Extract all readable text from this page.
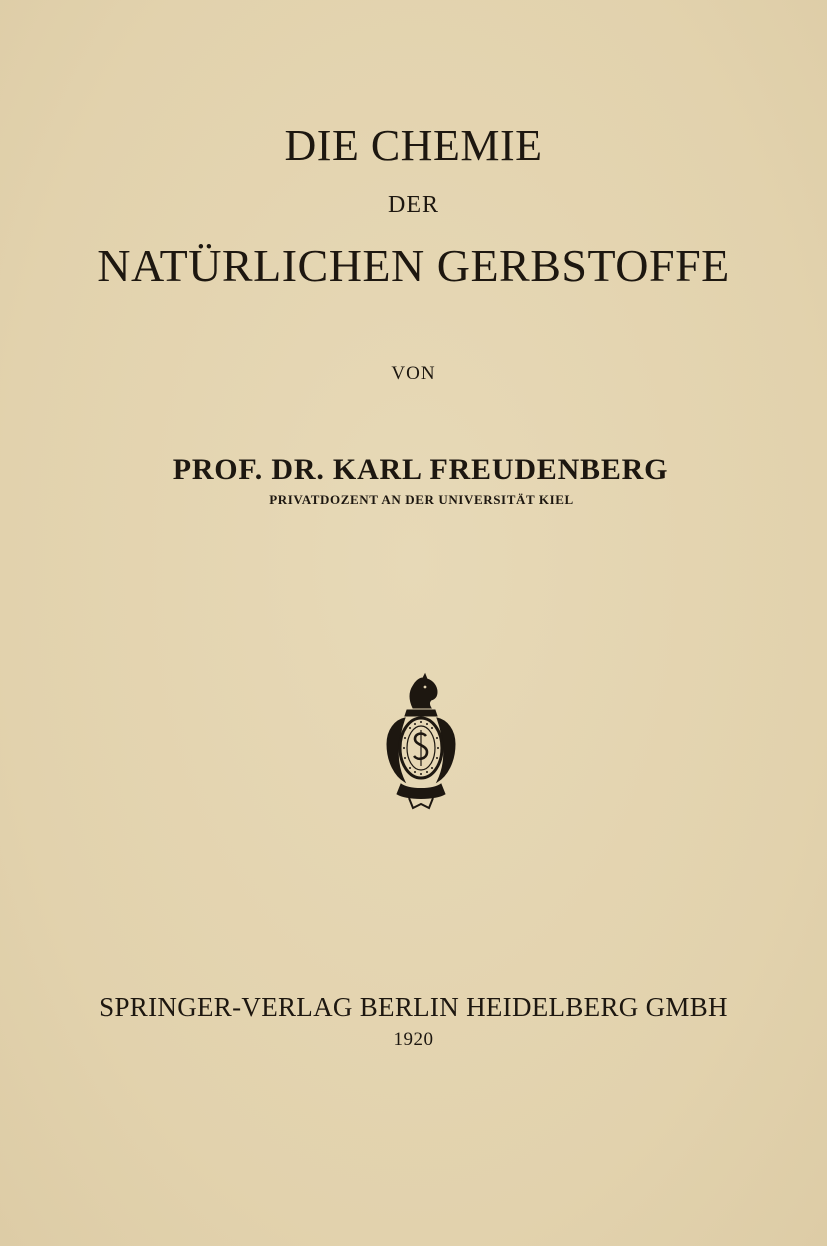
DIE CHEMIE
DER
NATÜRLICHEN GERBSTOFFE
VON
PROF. DR. KARL FREUDENBERG
PRIVATDOZENT AN DER UNIVERSITÄT KIEL
SPRINGER-VERLAG BERLIN HEIDELBERG GMBH
1920
